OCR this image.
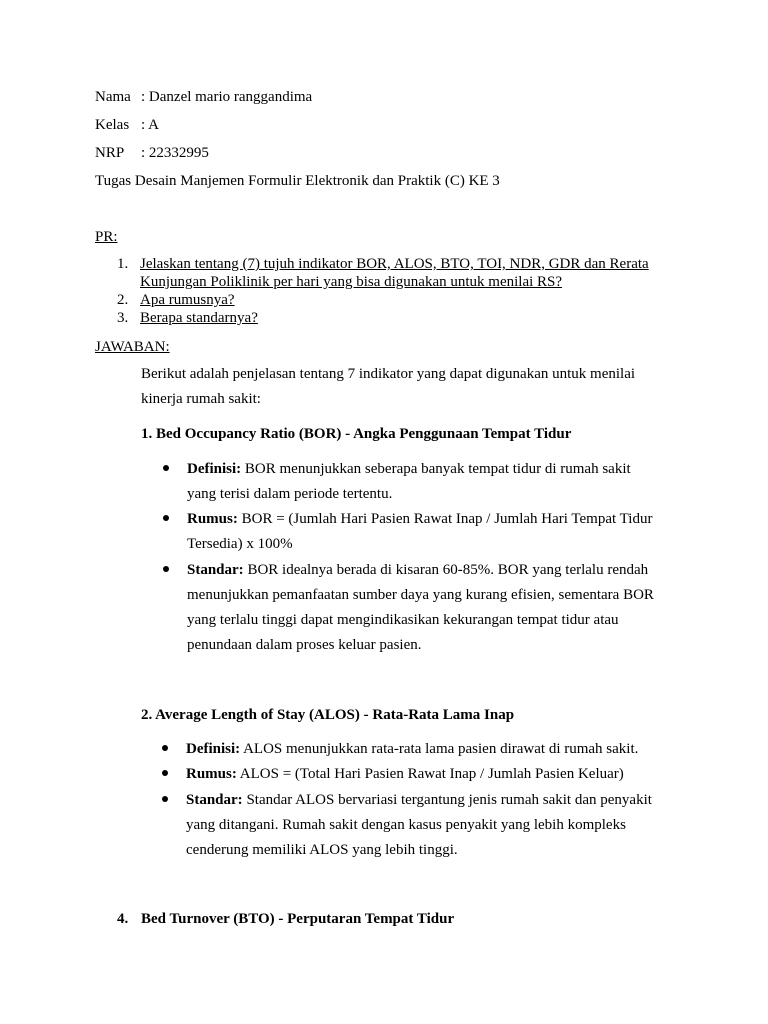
Nama : Danzel mario ranggandima
Kelas : A
NRP : 22332995
Tugas Desain Manjemen Formulir Elektronik dan Praktik (C) KE 3
PR:
1. Jelaskan tentang (7) tujuh indikator BOR, ALOS, BTO, TOI, NDR, GDR dan Rerata
Kunjungan Poliklinik per hari yang bisa digunakan untuk menilai RS?
2. Apa rumusnya?
3. Berapa standarnya?
JAWABAN:
Berikut adalah penjelasan tentang 7 indikator yang dapat digunakan untuk menilai
kinerja rumah sakit:
1. Bed Occupancy Ratio (BOR) - Angka Penggunaan Tempat Tidur
Definisi: BOR menunjukkan seberapa banyak tempat tidur di rumah sakit
yang terisi dalam periode tertentu.
Rumus: BOR = (Jumlah Hari Pasien Rawat Inap / Jumlah Hari Tempat Tidur
Tersedia) x 100%
Standar: BOR idealnya berada di kisaran 60-85%. BOR yang terlalu rendah
menunjukkan pemanfaatan sumber daya yang kurang efisien, sementara BOR
yang terlalu tinggi dapat mengindikasikan kekurangan tempat tidur atau
penundaan dalam proses keluar pasien.
2. Average Length of Stay (ALOS) - Rata-Rata Lama Inap
Definisi: ALOS menunjukkan rata-rata lama pasien dirawat di rumah sakit.
Rumus: ALOS = (Total Hari Pasien Rawat Inap / Jumlah Pasien Keluar)
Standar: Standar ALOS bervariasi tergantung jenis rumah sakit dan penyakit
yang ditangani. Rumah sakit dengan kasus penyakit yang lebih kompleks
cenderung memiliki ALOS yang lebih tinggi.
4. Bed Turnover (BTO) - Perputaran Tempat Tidur
